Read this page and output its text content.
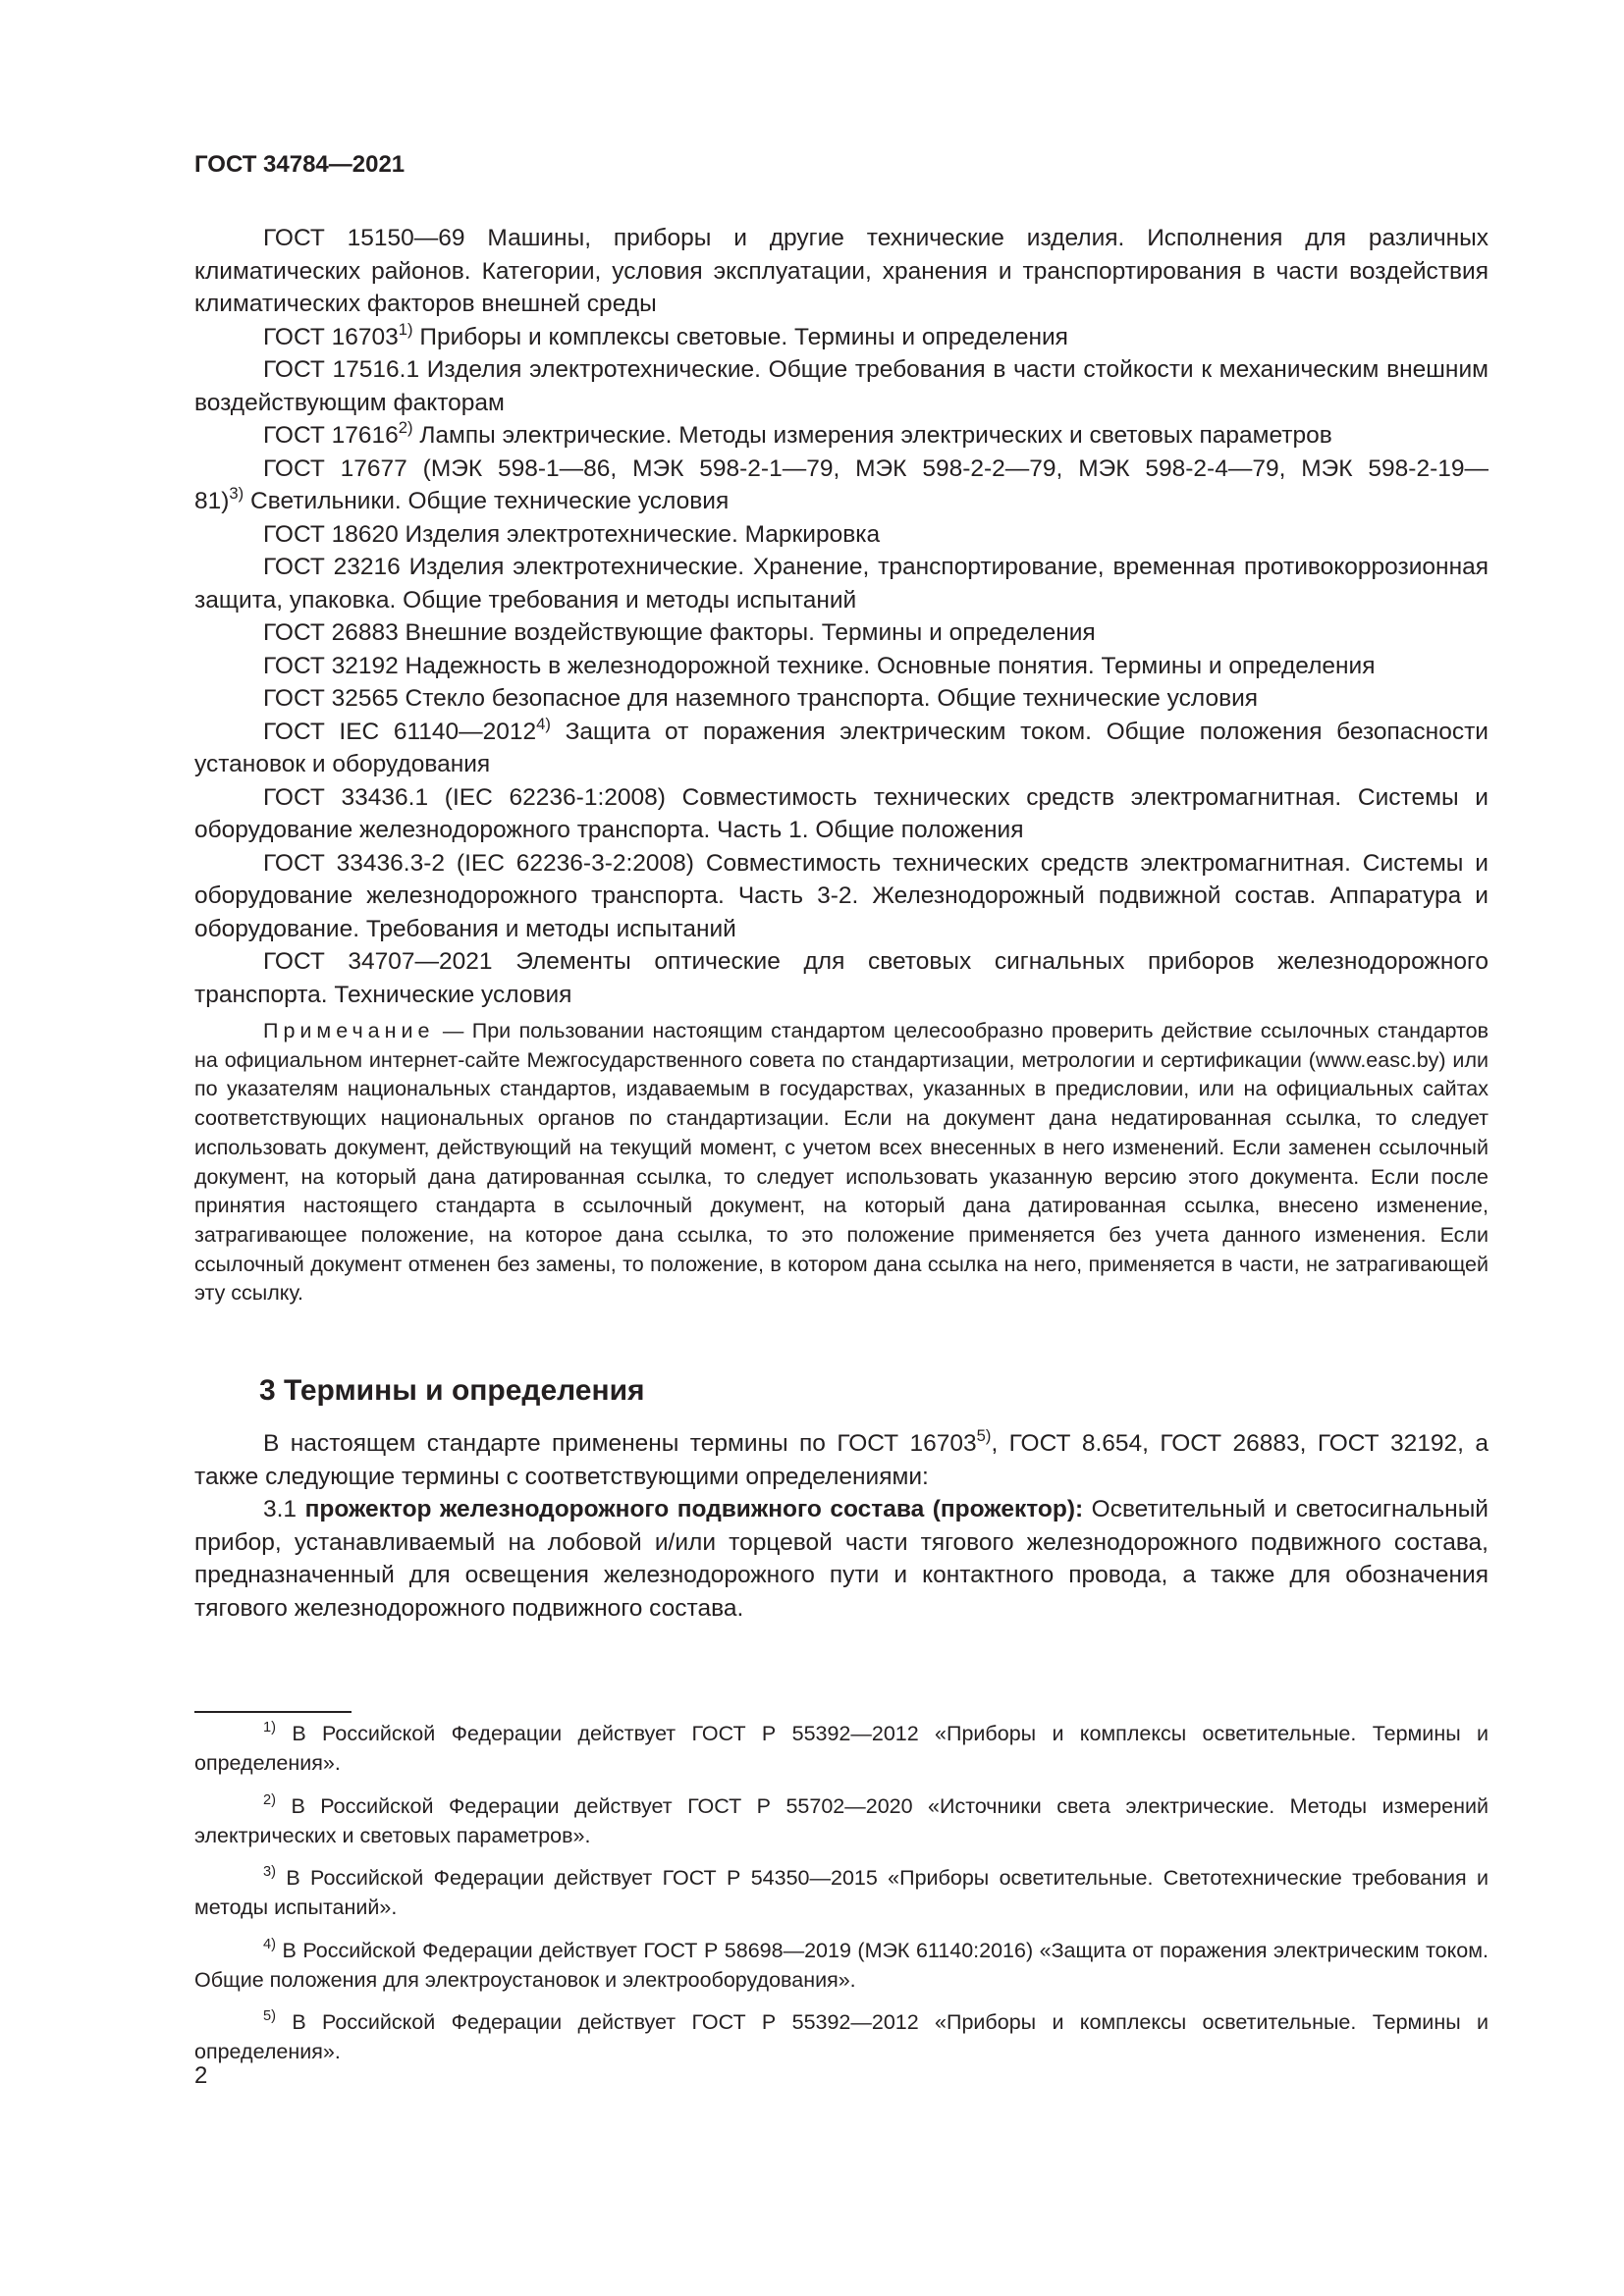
ГОСТ 34784—2021

ГОСТ 15150—69 Машины, приборы и другие технические изделия. Исполнения для различных климатических районов. Категории, условия эксплуатации, хранения и транспортирования в части воздействия климатических факторов внешней среды

ГОСТ 16703$^{1)}$ Приборы и комплексы световые. Термины и определения

ГОСТ 17516.1 Изделия электротехнические. Общие требования в части стойкости к механическим внешним воздействующим факторам

ГОСТ 17616$^{2)}$ Лампы электрические. Методы измерения электрических и световых параметров

ГОСТ 17677 (МЭК 598-1—86, МЭК 598-2-1—79, МЭК 598-2-2—79, МЭК 598-2-4—79, МЭК 598-2-19—81)$^{3)}$ Светильники. Общие технические условия

ГОСТ 18620 Изделия электротехнические. Маркировка

ГОСТ 23216 Изделия электротехнические. Хранение, транспортирование, временная противокоррозионная защита, упаковка. Общие требования и методы испытаний

ГОСТ 26883 Внешние воздействующие факторы. Термины и определения

ГОСТ 32192 Надежность в железнодорожной технике. Основные понятия. Термины и определения

ГОСТ 32565 Стекло безопасное для наземного транспорта. Общие технические условия

ГОСТ IEC 61140—2012$^{4)}$ Защита от поражения электрическим током. Общие положения безопасности установок и оборудования

ГОСТ 33436.1 (IEC 62236-1:2008) Совместимость технических средств электромагнитная. Системы и оборудование железнодорожного транспорта. Часть 1. Общие положения

ГОСТ 33436.3-2 (IEC 62236-3-2:2008) Совместимость технических средств электромагнитная. Системы и оборудование железнодорожного транспорта. Часть 3-2. Железнодорожный подвижной состав. Аппаратура и оборудование. Требования и методы испытаний

ГОСТ 34707—2021 Элементы оптические для световых сигнальных приборов железнодорожного транспорта. Технические условия

Примечание — При пользовании настоящим стандартом целесообразно проверить действие ссылочных стандартов на официальном интернет-сайте Межгосударственного совета по стандартизации, метрологии и сертификации (www.easc.by) или по указателям национальных стандартов, издаваемым в государствах, указанных в предисловии, или на официальных сайтах соответствующих национальных органов по стандартизации. Если на документ дана недатированная ссылка, то следует использовать документ, действующий на текущий момент, с учетом всех внесенных в него изменений. Если заменен ссылочный документ, на который дана датированная ссылка, то следует использовать указанную версию этого документа. Если после принятия настоящего стандарта в ссылочный документ, на который дана датированная ссылка, внесено изменение, затрагивающее положение, на которое дана ссылка, то это положение применяется без учета данного изменения. Если ссылочный документ отменен без замены, то положение, в котором дана ссылка на него, применяется в части, не затрагивающей эту ссылку.
3 Термины и определения

В настоящем стандарте применены термины по ГОСТ 16703$^{5)}$, ГОСТ 8.654, ГОСТ 26883, ГОСТ 32192, а также следующие термины с соответствующими определениями:

3.1 прожектор железнодорожного подвижного состава (прожектор): Осветительный и светосигнальный прибор, устанавливаемый на лобовой и/или торцевой части тягового железнодорожного подвижного состава, предназначенный для освещения железнодорожного пути и контактного провода, а также для обозначения тягового железнодорожного подвижного состава.

$^{1)}$ В Российской Федерации действует ГОСТ Р 55392—2012 «Приборы и комплексы осветительные. Термины и определения».

$^{2)}$ В Российской Федерации действует ГОСТ Р 55702—2020 «Источники света электрические. Методы измерений электрических и световых параметров».

$^{3)}$ В Российской Федерации действует ГОСТ Р 54350—2015 «Приборы осветительные. Светотехнические требования и методы испытаний».

$^{4)}$ В Российской Федерации действует ГОСТ Р 58698—2019 (МЭК 61140:2016) «Защита от поражения электрическим током. Общие положения для электроустановок и электрооборудования».

$^{5)}$ В Российской Федерации действует ГОСТ Р 55392—2012 «Приборы и комплексы осветительные. Термины и определения».

2
